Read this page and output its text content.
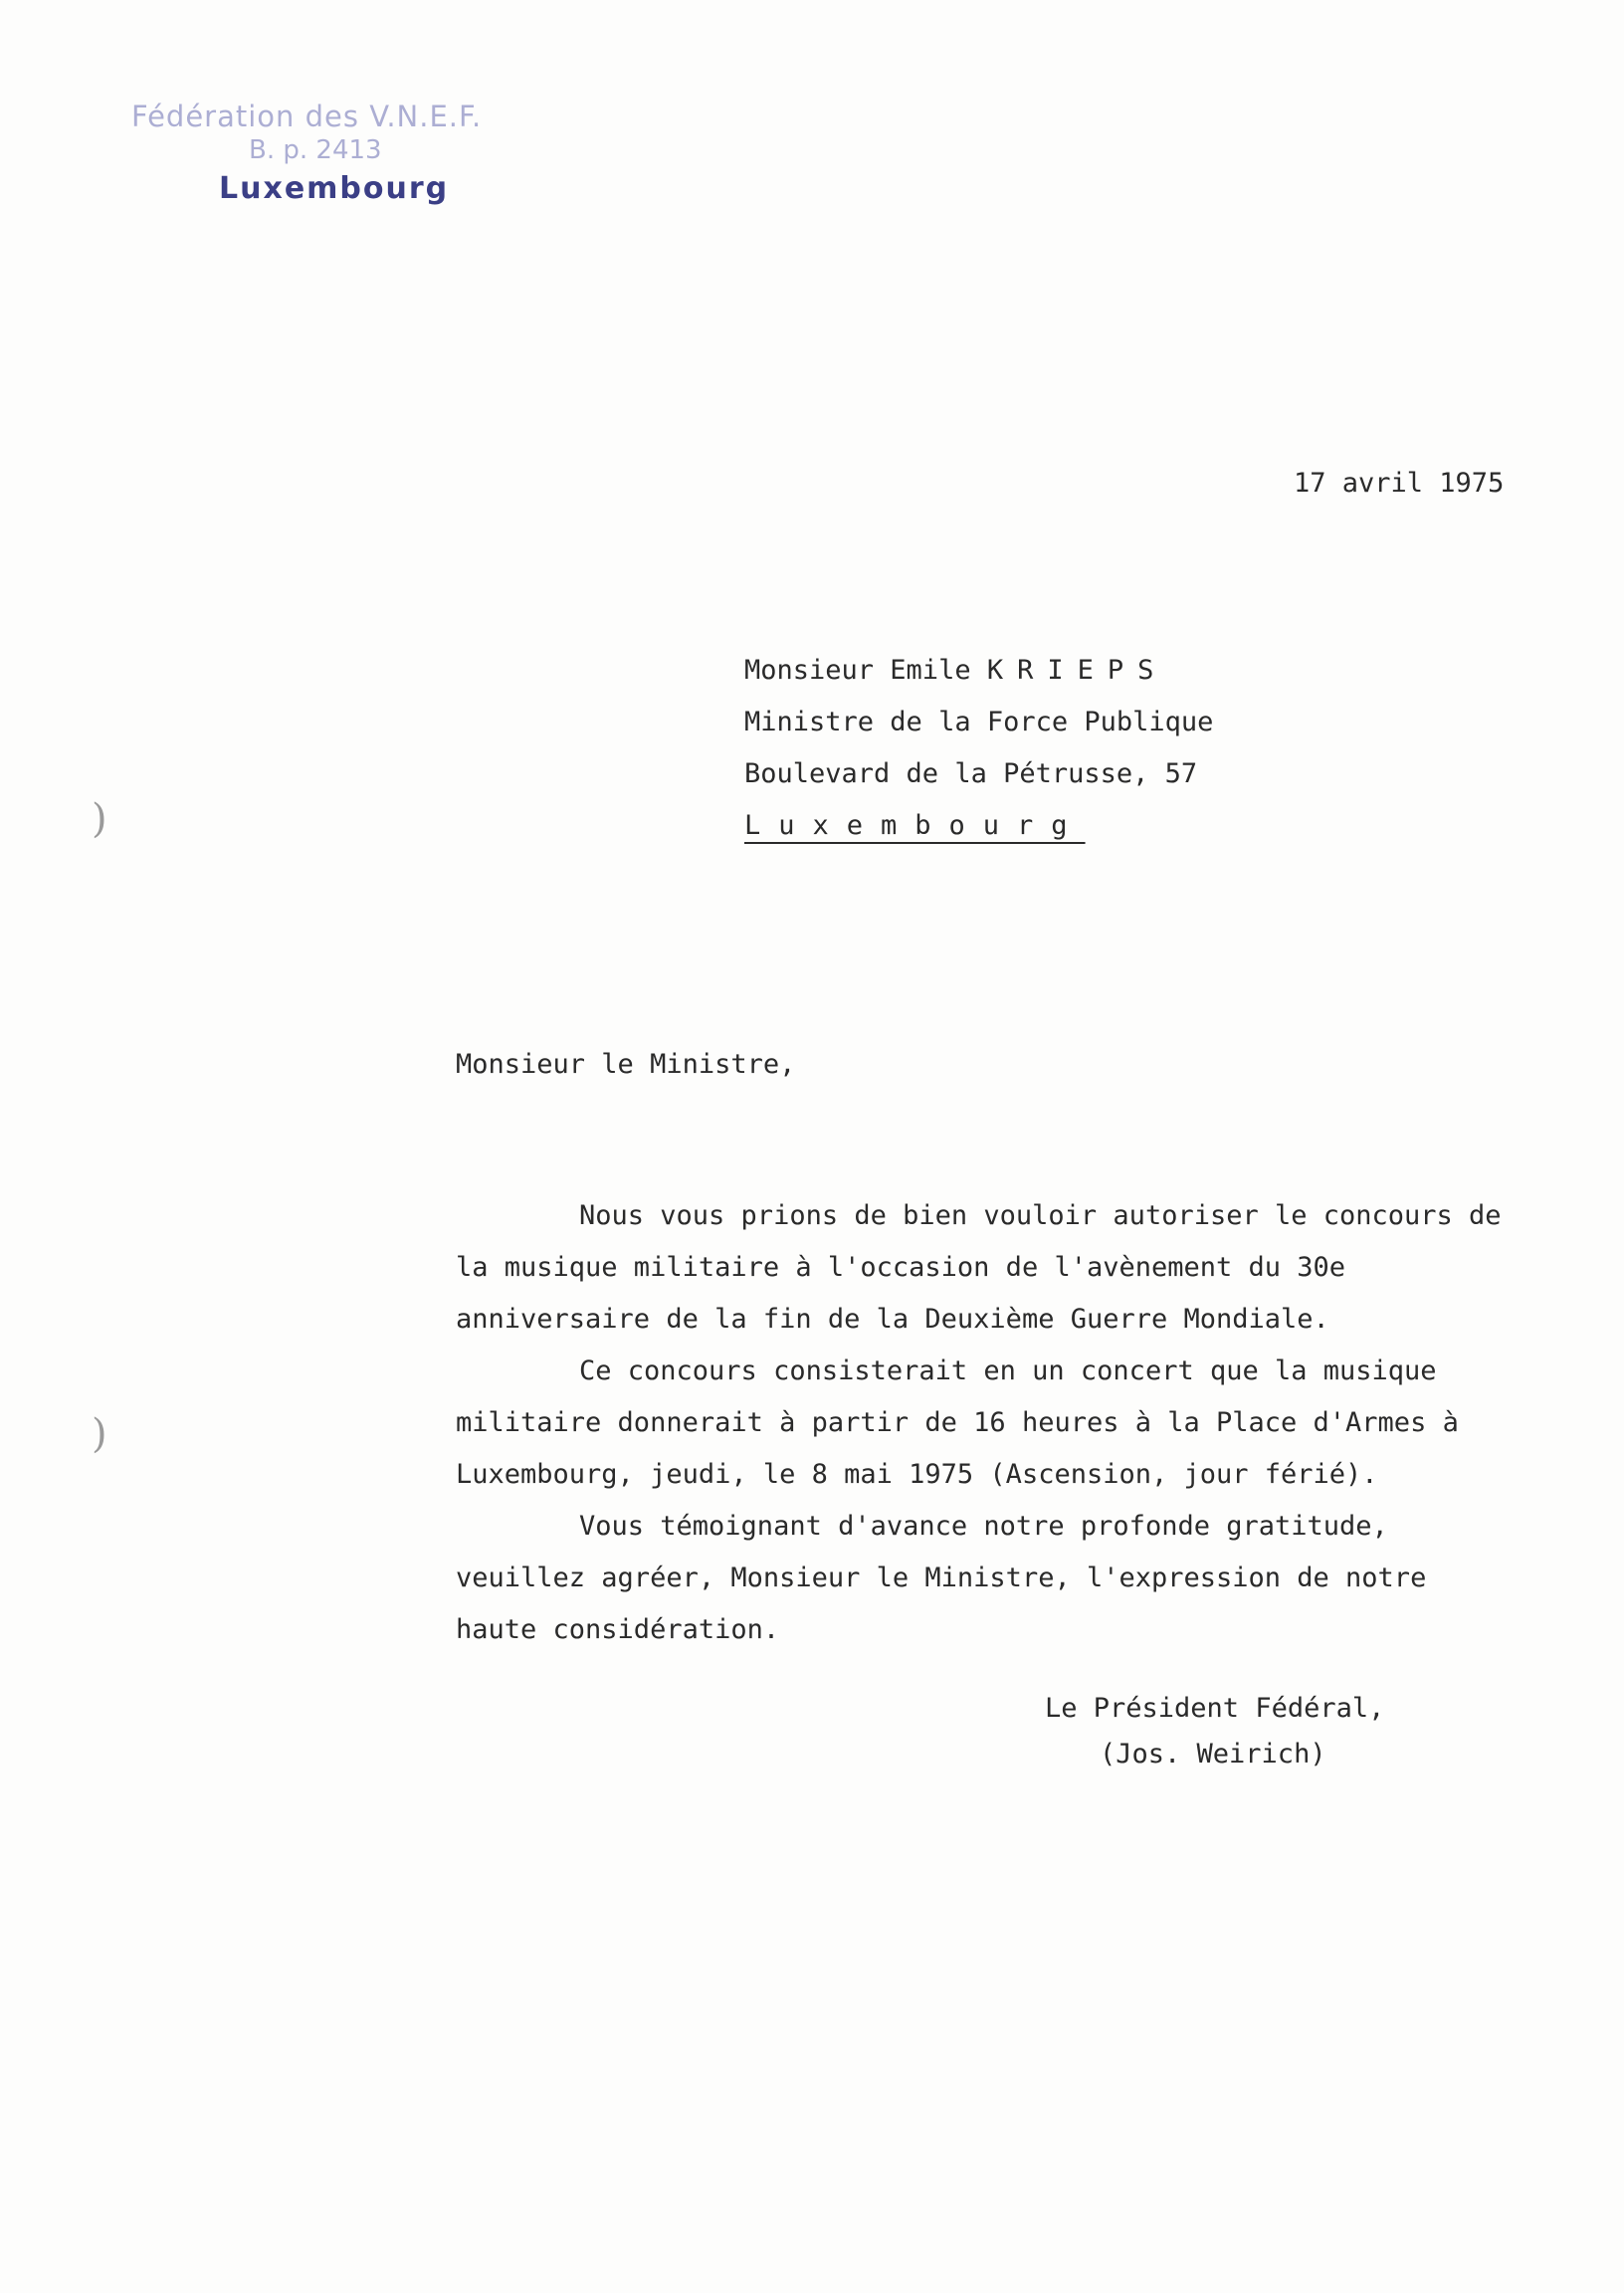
Fédération des V.N.E.F.
B. p. 2413
Luxembourg
17 avril 1975
Monsieur Emile KRIEPS
Ministre de la Force Publique
Boulevard de la Pétrusse, 57
Luxembourg
Monsieur le Ministre,

Nous vous prions de bien vouloir autoriser le concours de la musique militaire à l'occasion de l'avènement du 30e anniversaire de la fin de la Deuxième Guerre Mondiale.

Ce concours consisterait en un concert que la musique militaire donnerait à partir de 16 heures à la Place d'Armes à Luxembourg, jeudi, le 8 mai 1975 (Ascension, jour férié).

Vous témoignant d'avance notre profonde gratitude, veuillez agréer, Monsieur le Ministre, l'expression de notre haute considération.

Le Président Fédéral,
(Jos. Weirich)
)
)
